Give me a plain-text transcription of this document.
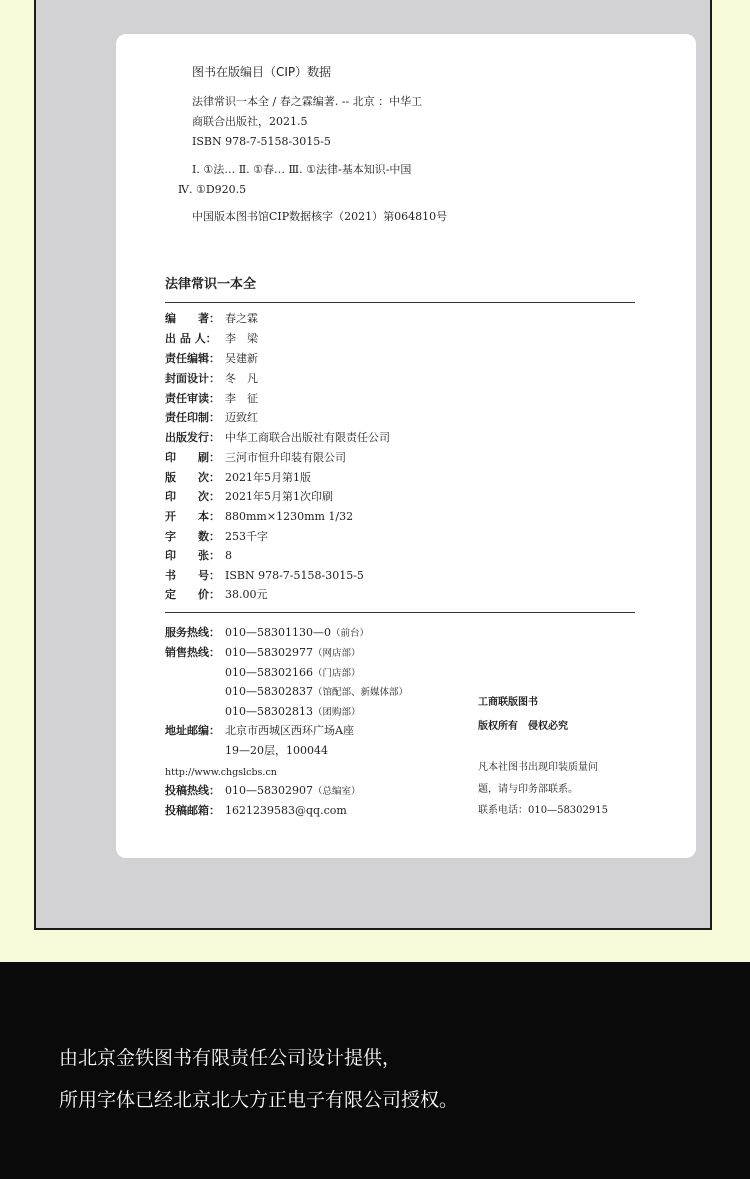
图书在版编目（CIP）数据
法律常识一本全 / 春之霖编著. -- 北京 ：中华工
商联合出版社，2021.5
ISBN 978-7-5158-3015-5
Ⅰ. ①法… Ⅱ. ①春… Ⅲ. ①法律-基本知识-中国
Ⅳ. ①D920.5
中国版本图书馆CIP数据核字（2021）第064810号
法律常识一本全
编　　著： 春之霖
出 品 人： 李　梁
责任编辑： 吴建新
封面设计： 冬　凡
责任审读： 李　征
责任印制： 迈致红
出版发行： 中华工商联合出版社有限责任公司
印　　刷： 三河市恒升印装有限公司
版　　次： 2021年5月第1版
印　　次： 2021年5月第1次印刷
开　　本： 880mm×1230mm 1/32
字　　数： 253千字
印　　张： 8
书　　号： ISBN 978-7-5158-3015-5
定　　价： 38.00元
服务热线： 010—58301130—0（前台）
销售热线： 010—58302977（网店部）
010—58302166（门店部）
010—58302837（馆配部、新媒体部）
010—58302813（团购部）
地址邮编： 北京市西城区西环广场A座
19—20层，100044
http://www.chgslcbs.cn
投稿热线： 010—58302907（总编室）
投稿邮箱： 1621239583@qq.com
工商联版图书
版权所有　侵权必究
凡本社图书出现印装质量问
题，请与印务部联系。
联系电话：010—58302915
由北京金铁图书有限责任公司设计提供，
所用字体已经北京北大方正电子有限公司授权。
